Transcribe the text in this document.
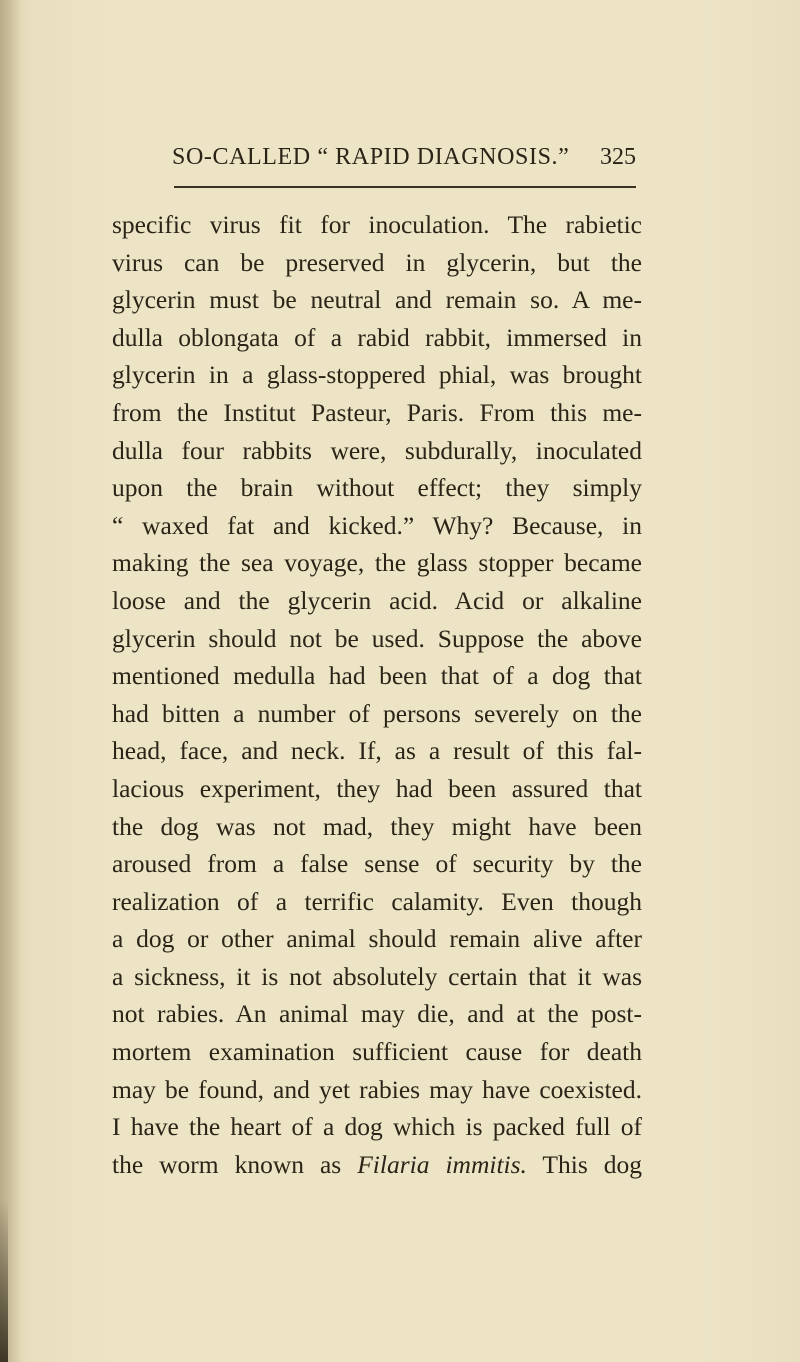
SO-CALLED “ RAPID DIAGNOSIS.” 325
specific virus fit for inoculation. The rabietic
virus can be preserved in glycerin, but the
glycerin must be neutral and remain so. A me-
dulla oblongata of a rabid rabbit, immersed in
glycerin in a glass-stoppered phial, was brought
from the Institut Pasteur, Paris. From this me-
dulla four rabbits were, subdurally, inoculated
upon the brain without effect; they simply
“ waxed fat and kicked.” Why? Because, in
making the sea voyage, the glass stopper became
loose and the glycerin acid. Acid or alkaline
glycerin should not be used. Suppose the above
mentioned medulla had been that of a dog that
had bitten a number of persons severely on the
head, face, and neck. If, as a result of this fal-
lacious experiment, they had been assured that
the dog was not mad, they might have been
aroused from a false sense of security by the
realization of a terrific calamity. Even though
a dog or other animal should remain alive after
a sickness, it is not absolutely certain that it was
not rabies. An animal may die, and at the post-
mortem examination sufficient cause for death
may be found, and yet rabies may have coexisted.
I have the heart of a dog which is packed full of
the worm known as Filaria immitis. This dog
